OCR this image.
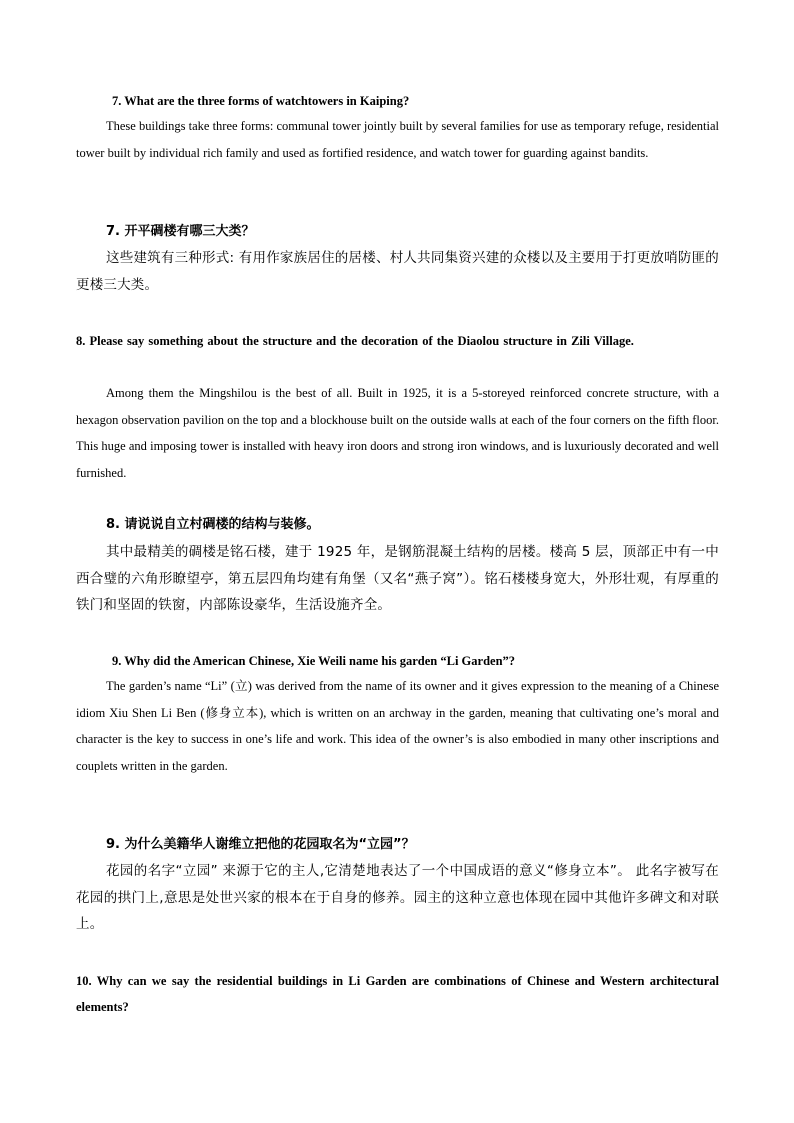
7. What are the three forms of watchtowers in Kaiping?

These buildings take three forms: communal tower jointly built by several families for use as temporary refuge, residential tower built by individual rich family and used as fortified residence, and watch tower for guarding against bandits.

7. 开平碉楼有哪三大类？

这些建筑有三种形式: 有用作家族居住的居楼、村人共同集资兴建的众楼以及主要用于打更放哨防匪的更楼三大类。

8. Please say something about the structure and the decoration of the Diaolou structure in Zili Village.

Among them the Mingshilou is the best of all. Built in 1925, it is a 5-storeyed reinforced concrete structure, with a hexagon observation pavilion on the top and a blockhouse built on the outside walls at each of the four corners on the fifth floor. This huge and imposing tower is installed with heavy iron doors and strong iron windows, and is luxuriously decorated and well furnished.

8. 请说说自立村碉楼的结构与装修。

其中最精美的碉楼是铭石楼，建于 1925 年，是钢筋混凝土结构的居楼。楼高 5 层，顶部正中有一中西合璧的六角形瞭望亭，第五层四角均建有角堡（又名“燕子窝”）。铭石楼楼身宽大，外形壮观，有厚重的铁门和坚固的铁窗，内部陈设豪华，生活设施齐全。

9. Why did the American Chinese, Xie Weili name his garden “Li Garden”?

The garden’s name “Li” (立) was derived from the name of its owner and it gives expression to the meaning of a Chinese idiom Xiu Shen Li Ben (修身立本), which is written on an archway in the garden, meaning that cultivating one’s moral and character is the key to success in one’s life and work. This idea of the owner’s is also embodied in many other inscriptions and couplets written in the garden.

9. 为什么美籍华人谢维立把他的花园取名为“立园”？

花园的名字“立园” 来源于它的主人,它清楚地表达了一个中国成语的意义“修身立本”。 此名字被写在花园的拱门上,意思是处世兴家的根本在于自身的修养。园主的这种立意也体现在园中其他许多碑文和对联上。

10. Why can we say the residential buildings in Li Garden are combinations of Chinese and Western architectural elements?
